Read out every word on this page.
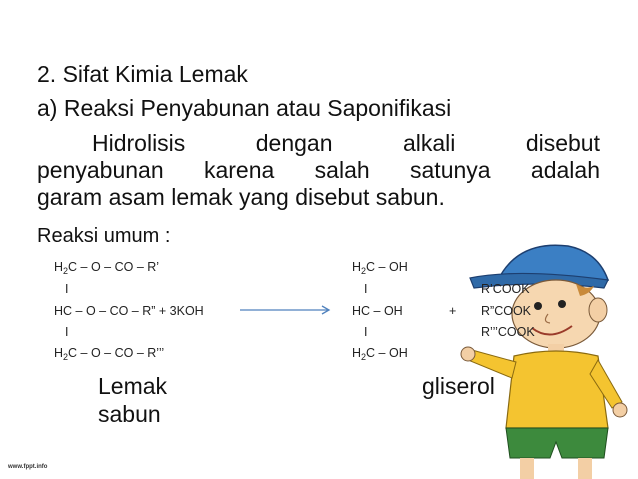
2. Sifat Kimia Lemak
a) Reaksi Penyabunan atau Saponifikasi
Hidrolisis dengan alkali disebut
penyabunan karena salah satunya adalah
garam asam lemak yang disebut sabun.
Reaksi umum :
$H_2C$ – O – CO – R’
I
HC – O – CO – R” + 3KOH
I
$H_2C$ – O – CO – R’’’
$H_2C$ – OH
I
HC – OH
I
$H_2C$ – OH
+
R’COOK
R”COOK
R’’’COOK
Lemak	gliserol
sabun
www.fppt.info
